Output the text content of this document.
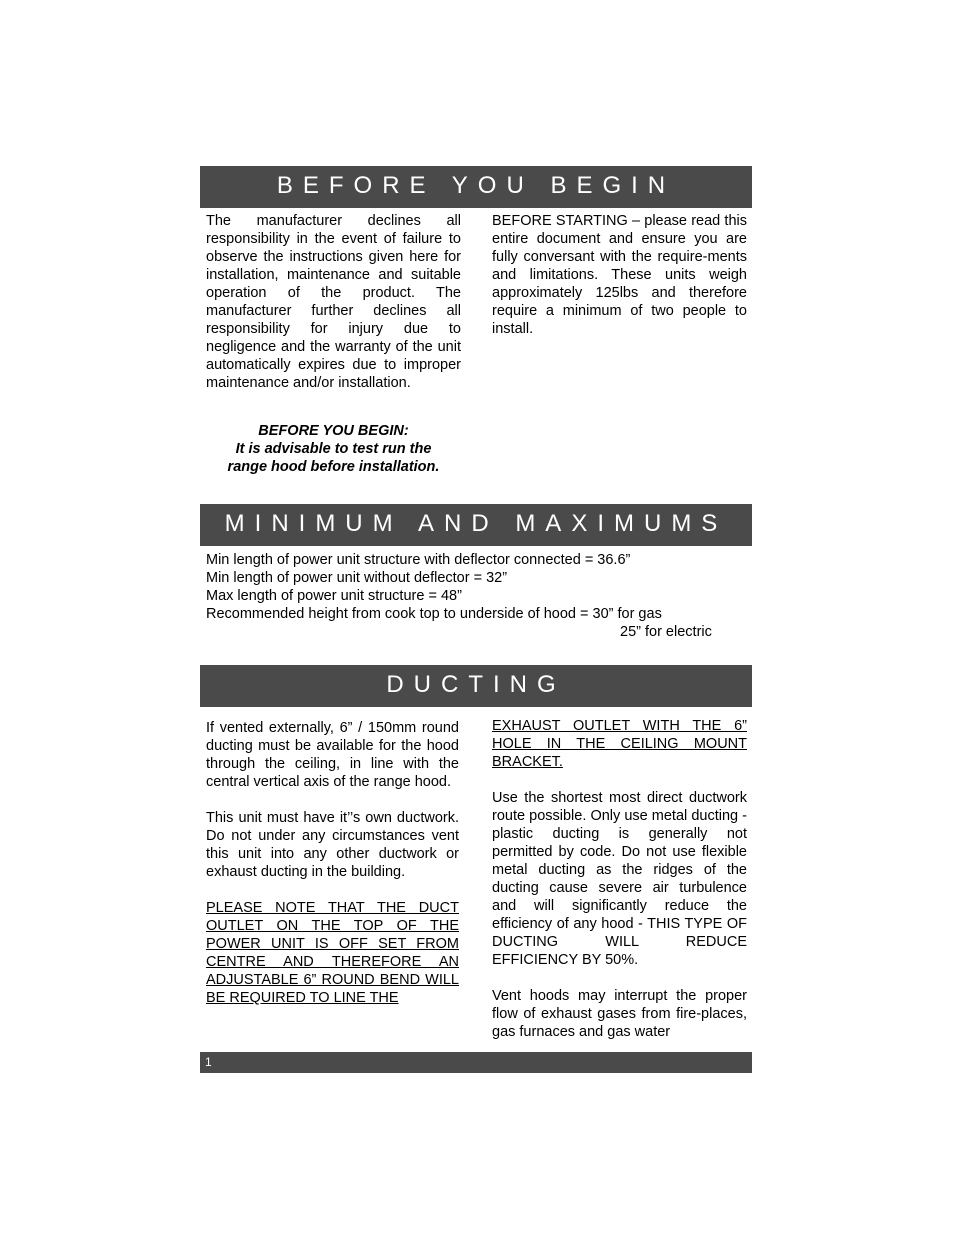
BEFORE YOU BEGIN

The manufacturer declines all responsibility in the event of failure to observe the instructions given here for installation, maintenance and suitable operation of the product. The manufacturer further declines all responsibility for injury due to negligence and the warranty of the unit automatically expires due to improper maintenance and/or installation.

BEFORE YOU BEGIN:
It is advisable to test run the
range hood before installation.

BEFORE STARTING – please read this entire document and ensure you are fully conversant with the require-ments and limitations. These units weigh approximately 125lbs and therefore require a minimum of two people to install.

MINIMUM AND MAXIMUMS
Min length of power unit structure with deflector connected = 36.6”
Min length of power unit without deflector = 32”
Max length of power unit structure = 48”
Recommended height from cook top to underside of hood = 30” for gas
25” for electric
DUCTING

If vented externally, 6” / 150mm round ducting must be available for the hood through the ceiling, in line with the central vertical axis of the range hood.

This unit must have it’’s own ductwork. Do not under any circumstances vent this unit into any other ductwork or exhaust ducting in the building.

PLEASE NOTE THAT THE DUCT OUTLET ON THE TOP OF THE POWER UNIT IS OFF SET FROM CENTRE AND THEREFORE AN ADJUSTABLE 6” ROUND BEND WILL BE REQUIRED TO LINE THE

EXHAUST OUTLET WITH THE 6” HOLE IN THE CEILING MOUNT BRACKET.

Use the shortest most direct ductwork route possible. Only use metal ducting - plastic ducting is generally not permitted by code. Do not use flexible metal ducting as the ridges of the ducting cause severe air turbulence and will significantly reduce the efficiency of any hood - THIS TYPE OF DUCTING WILL REDUCE EFFICIENCY BY 50%.

Vent hoods may interrupt the proper flow of exhaust gases from fire-places, gas furnaces and gas water

1
